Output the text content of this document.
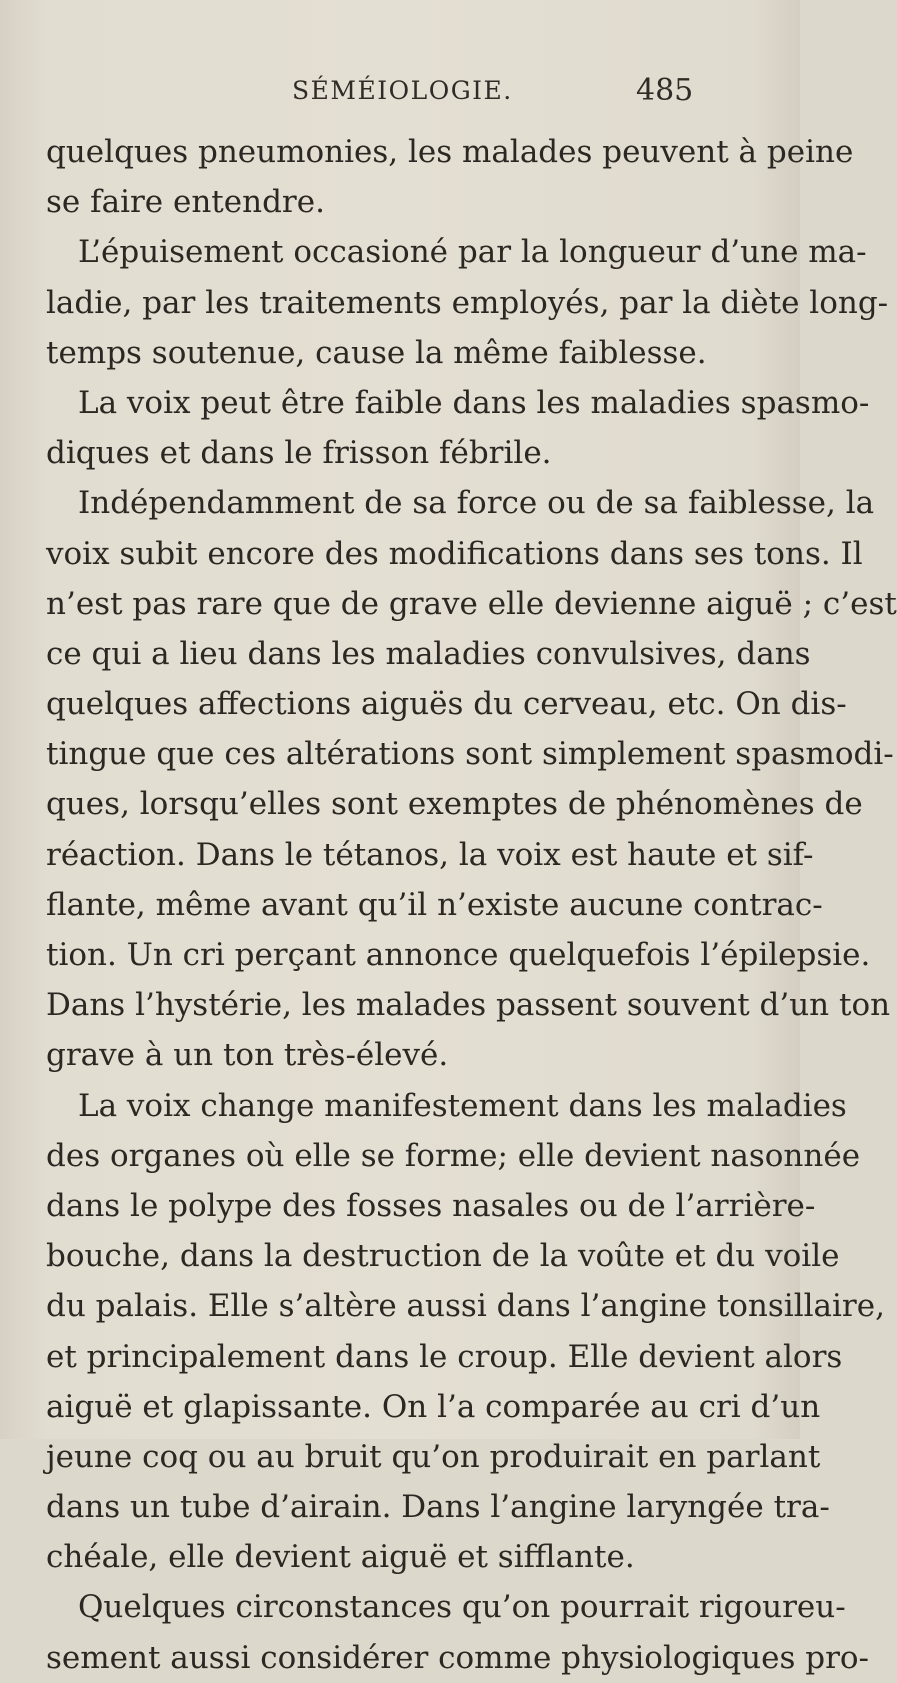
SÉMÉIOLOGIE.	485
quelques pneumonies, les malades peuvent à peine
se faire entendre.
L’épuisement occasioné par la longueur d’une ma-
ladie, par les traitements employés, par la diète long-
temps soutenue, cause la même faiblesse.
La voix peut être faible dans les maladies spasmo-
diques et dans le frisson fébrile.
Indépendamment de sa force ou de sa faiblesse, la
voix subit encore des modifications dans ses tons. Il
n’est pas rare que de grave elle devienne aiguë ; c’est
ce qui a lieu dans les maladies convulsives, dans
quelques affections aiguës du cerveau, etc. On dis-
tingue que ces altérations sont simplement spasmodi-
ques, lorsqu’elles sont exemptes de phénomènes de
réaction. Dans le tétanos, la voix est haute et sif-
flante, même avant qu’il n’existe aucune contrac-
tion. Un cri perçant annonce quelquefois l’épilepsie.
Dans l’hystérie, les malades passent souvent d’un ton
grave à un ton très-élevé.
La voix change manifestement dans les maladies
des organes où elle se forme; elle devient nasonnée
dans le polype des fosses nasales ou de l’arrière-
bouche, dans la destruction de la voûte et du voile
du palais. Elle s’altère aussi dans l’angine tonsillaire,
et principalement dans le croup. Elle devient alors
aiguë et glapissante. On l’a comparée au cri d’un
jeune coq ou au bruit qu’on produirait en parlant
dans un tube d’airain. Dans l’angine laryngée tra-
chéale, elle devient aiguë et sifflante.
Quelques circonstances qu’on pourrait rigoureu-
sement aussi considérer comme physiologiques pro-
